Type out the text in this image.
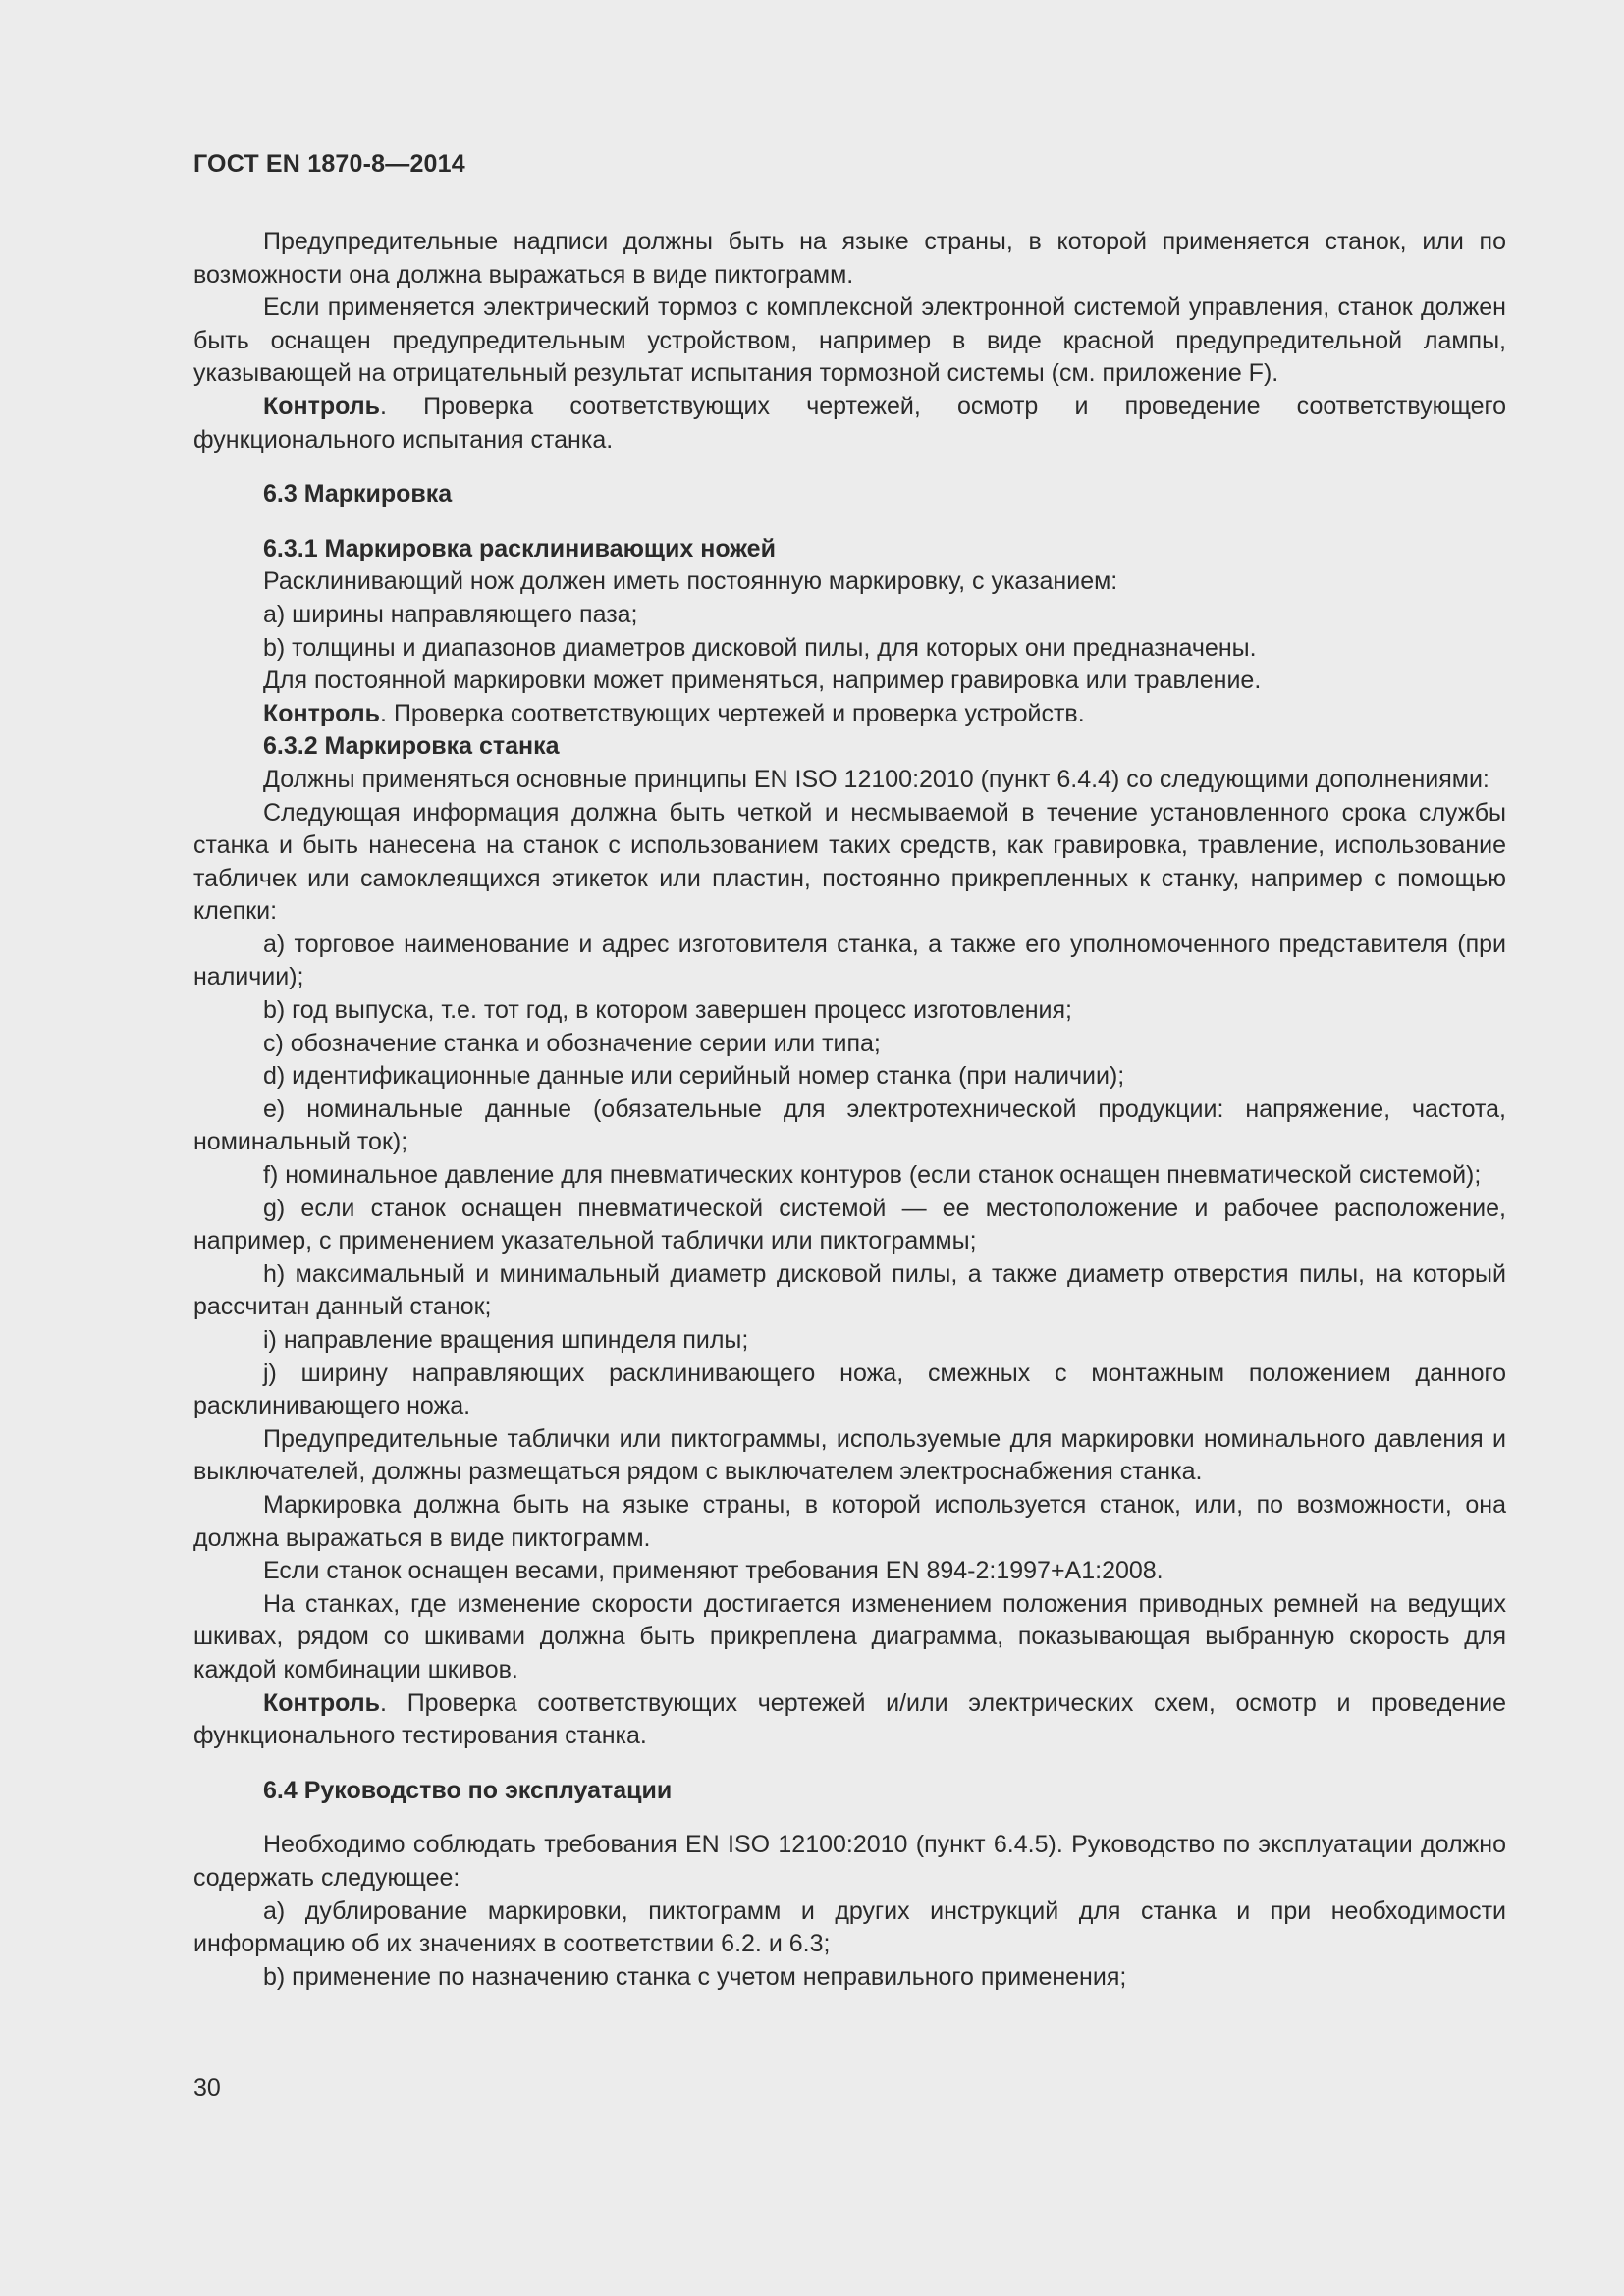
ГОСТ EN 1870-8—2014

Предупредительные надписи должны быть на языке страны, в которой применяется станок, или по возможности она должна выражаться в виде пиктограмм.

Если применяется электрический тормоз с комплексной электронной системой управления, станок должен быть оснащен предупредительным устройством, например в виде красной предупредительной лампы, указывающей на отрицательный результат испытания тормозной системы (см. приложение F).

Контроль. Проверка соответствующих чертежей, осмотр и проведение соответствующего функционального испытания станка.

6.3 Маркировка

6.3.1 Маркировка расклинивающих ножей

Расклинивающий нож должен иметь постоянную маркировку, с указанием:

a) ширины направляющего паза;

b) толщины и диапазонов диаметров дисковой пилы, для которых они предназначены.

Для постоянной маркировки может применяться, например гравировка или травление.

Контроль. Проверка соответствующих чертежей и проверка устройств.

6.3.2 Маркировка станка

Должны применяться основные принципы EN ISO 12100:2010 (пункт 6.4.4) со следующими дополнениями:

Следующая информация должна быть четкой и несмываемой в течение установленного срока службы станка и быть нанесена на станок с использованием таких средств, как гравировка, травление, использование табличек или самоклеящихся этикеток или пластин, постоянно прикрепленных к станку, например с помощью клепки:

a) торговое наименование и адрес изготовителя станка, а также его уполномоченного представителя (при наличии);

b) год выпуска, т.е. тот год, в котором завершен процесс изготовления;

c) обозначение станка и обозначение серии или типа;

d) идентификационные данные или серийный номер станка (при наличии);

e) номинальные данные (обязательные для электротехнической продукции: напряжение, частота, номинальный ток);

f) номинальное давление для пневматических контуров (если станок оснащен пневматической системой);

g) если станок оснащен пневматической системой — ее местоположение и рабочее расположение, например, с применением указательной таблички или пиктограммы;

h) максимальный и минимальный диаметр дисковой пилы, а также диаметр отверстия пилы, на который рассчитан данный станок;

i) направление вращения шпинделя пилы;

j) ширину направляющих расклинивающего ножа, смежных с монтажным положением данного расклинивающего ножа.

Предупредительные таблички или пиктограммы, используемые для маркировки номинального давления и выключателей, должны размещаться рядом с выключателем электроснабжения станка.

Маркировка должна быть на языке страны, в которой используется станок, или, по возможности, она должна выражаться в виде пиктограмм.

Если станок оснащен весами, применяют требования EN 894-2:1997+A1:2008.

На станках, где изменение скорости достигается изменением положения приводных ремней на ведущих шкивах, рядом со шкивами должна быть прикреплена диаграмма, показывающая выбранную скорость для каждой комбинации шкивов.

Контроль. Проверка соответствующих чертежей и/или электрических схем, осмотр и проведение функционального тестирования станка.

6.4 Руководство по эксплуатации

Необходимо соблюдать требования EN ISO 12100:2010 (пункт 6.4.5). Руководство по эксплуатации должно содержать следующее:

a) дублирование маркировки, пиктограмм и других инструкций для станка и при необходимости информацию об их значениях в соответствии 6.2. и 6.3;

b) применение по назначению станка с учетом неправильного применения;

30
